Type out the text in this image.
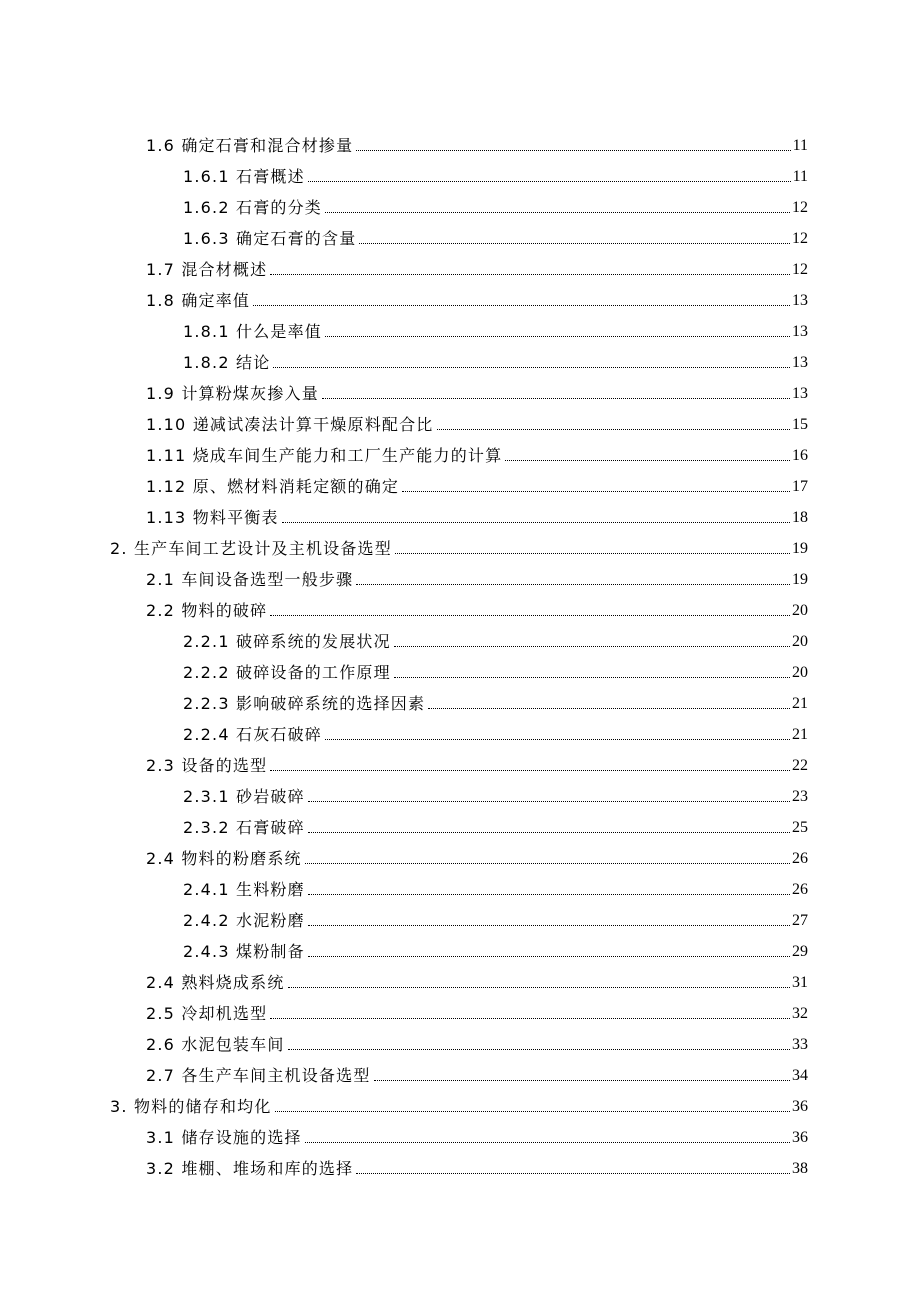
1.6 确定石膏和混合材掺量	11
1.6.1 石膏概述	11
1.6.2 石膏的分类	12
1.6.3 确定石膏的含量	12
1.7 混合材概述	12
1.8 确定率值	13
1.8.1 什么是率值	13
1.8.2 结论	13
1.9 计算粉煤灰掺入量	13
1.10 递减试凑法计算干燥原料配合比	15
1.11 烧成车间生产能力和工厂生产能力的计算	16
1.12 原、燃材料消耗定额的确定	17
1.13 物料平衡表	18
2. 生产车间工艺设计及主机设备选型	19
2.1 车间设备选型一般步骤	19
2.2 物料的破碎	20
2.2.1 破碎系统的发展状况	20
2.2.2 破碎设备的工作原理	20
2.2.3 影响破碎系统的选择因素	21
2.2.4 石灰石破碎	21
2.3 设备的选型	22
2.3.1 砂岩破碎	23
2.3.2 石膏破碎	25
2.4 物料的粉磨系统	26
2.4.1 生料粉磨	26
2.4.2 水泥粉磨	27
2.4.3 煤粉制备	29
2.4 熟料烧成系统	31
2.5 冷却机选型	32
2.6 水泥包装车间	33
2.7 各生产车间主机设备选型	34
3. 物料的储存和均化	36
3.1 储存设施的选择	36
3.2 堆棚、堆场和库的选择	38
